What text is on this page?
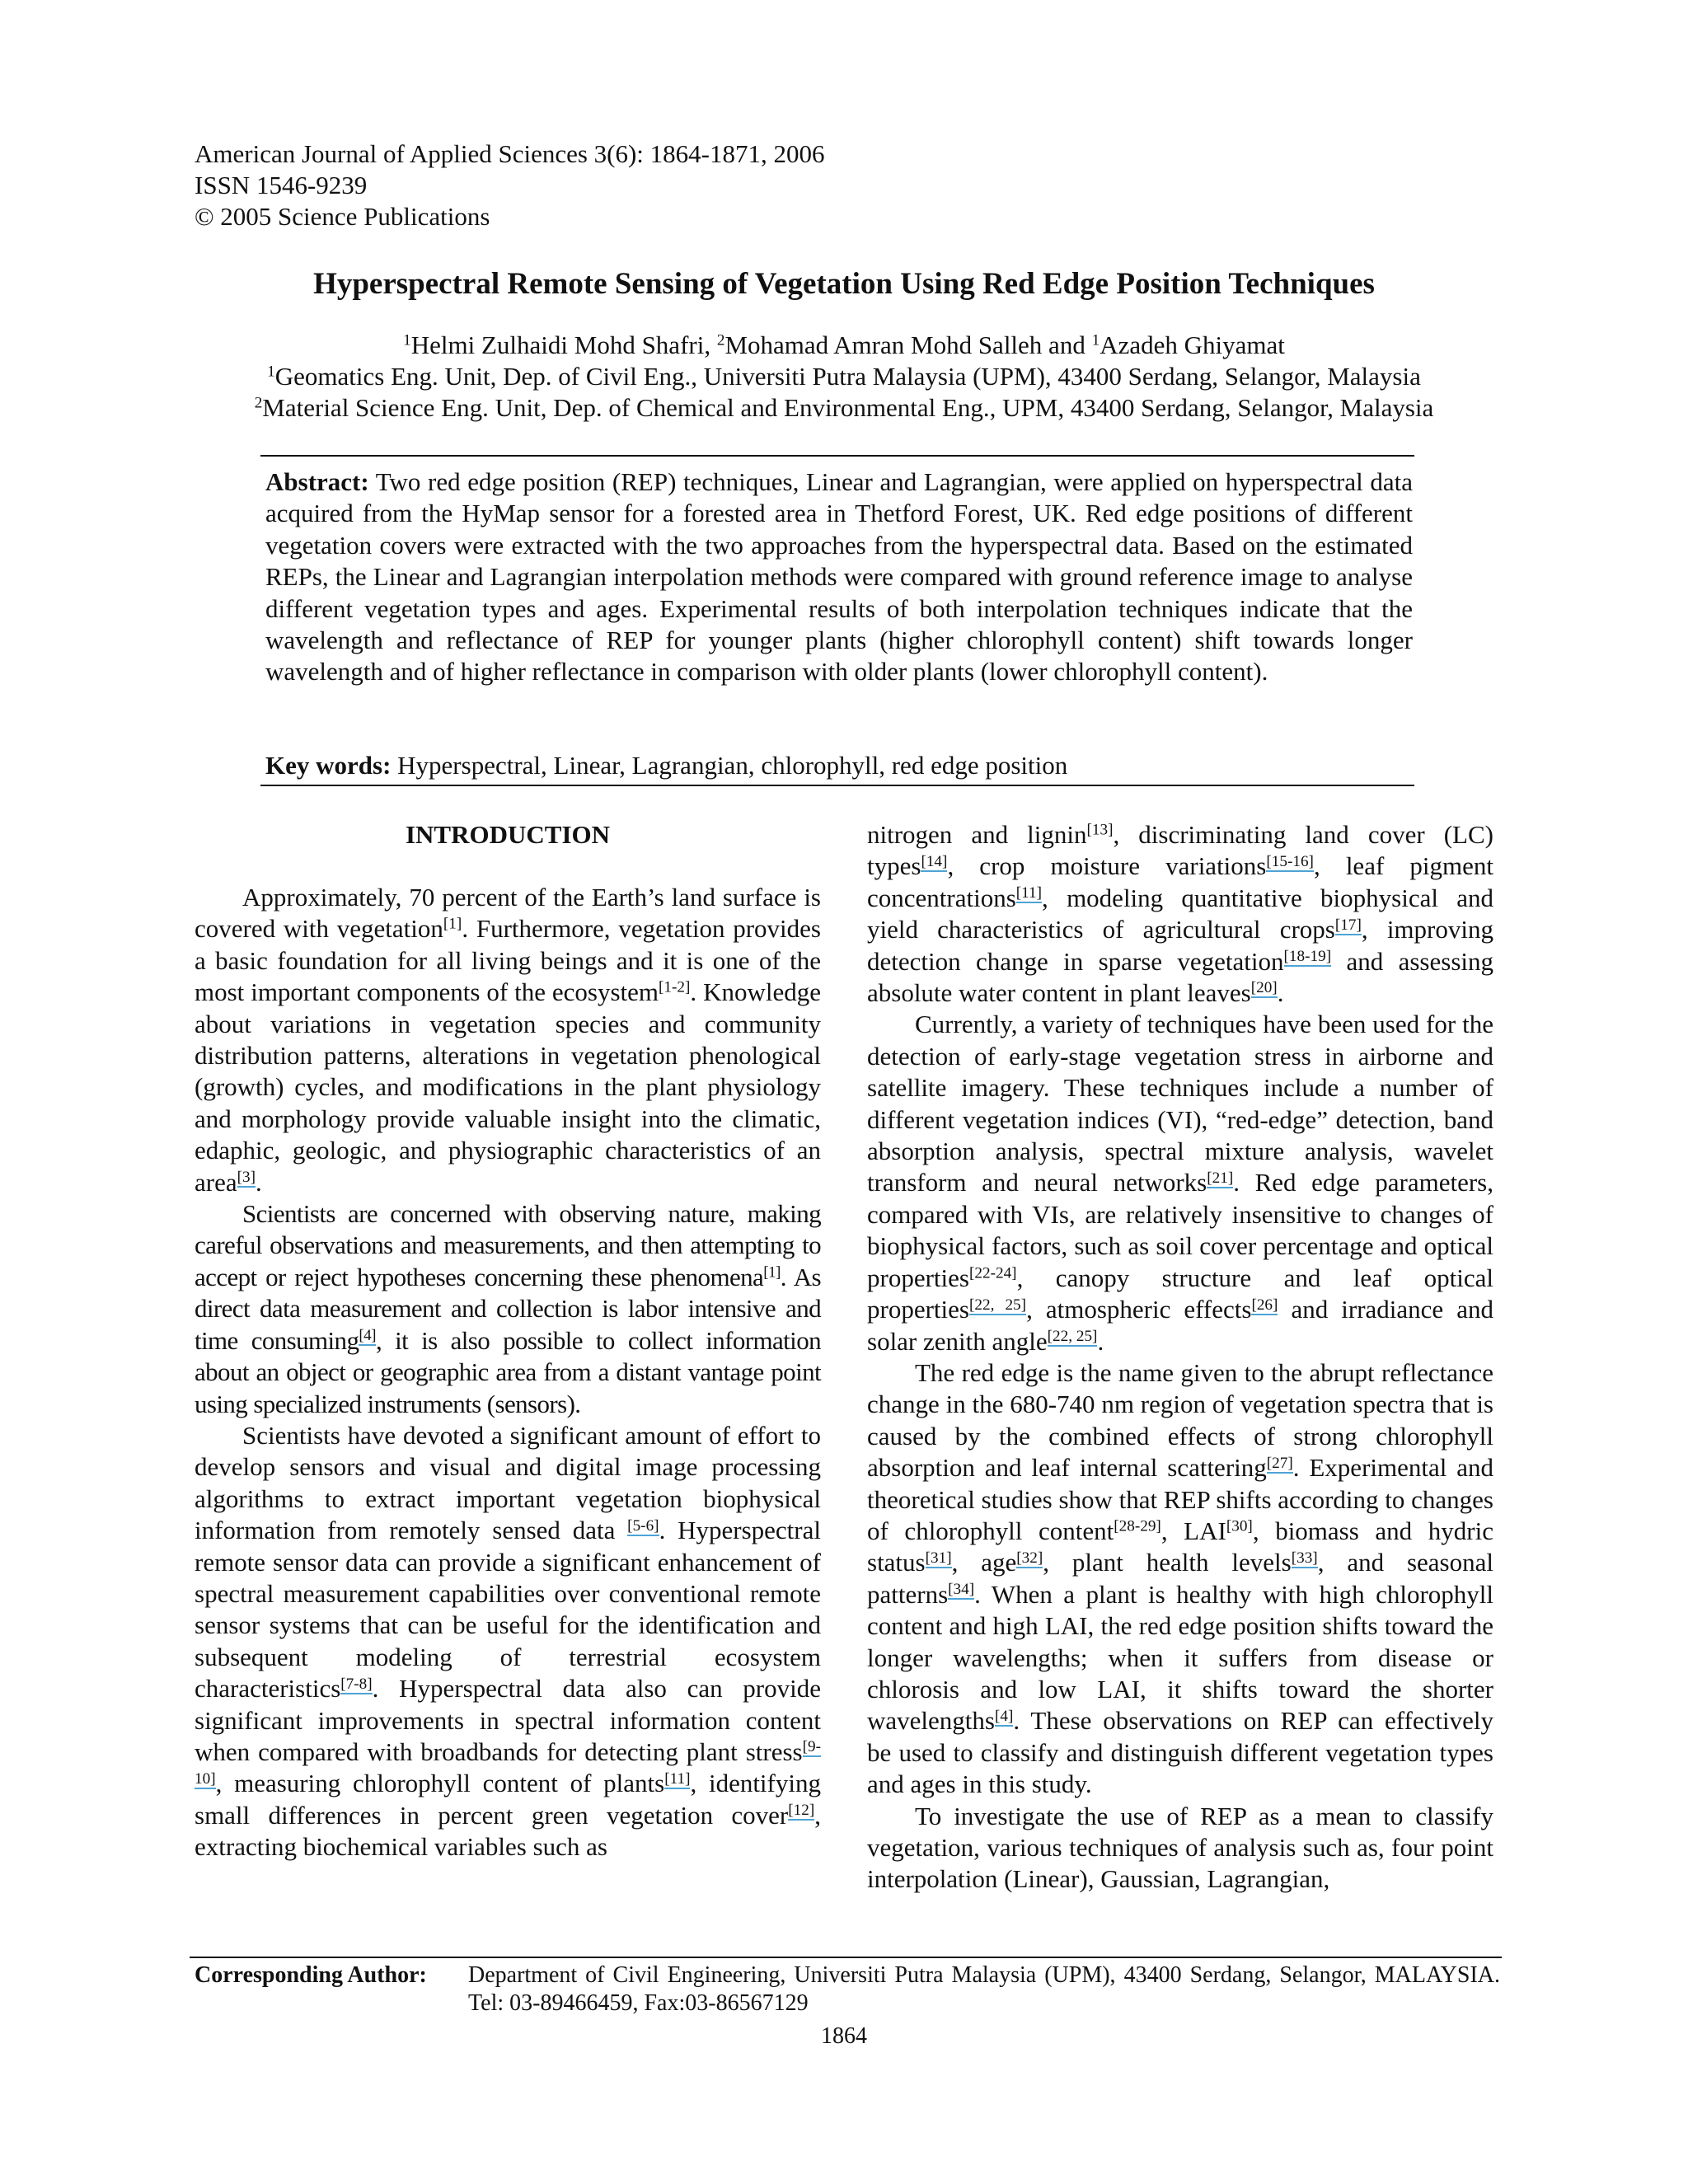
American Journal of Applied Sciences 3(6): 1864-1871, 2006
ISSN 1546-9239
© 2005 Science Publications
Hyperspectral Remote Sensing of Vegetation Using Red Edge Position Techniques
$^1$Helmi Zulhaidi Mohd Shafri, $^2$Mohamad Amran Mohd Salleh and $^1$Azadeh Ghiyamat
$^1$Geomatics Eng. Unit, Dep. of Civil Eng., Universiti Putra Malaysia (UPM), 43400 Serdang, Selangor, Malaysia
$^2$Material Science Eng. Unit, Dep. of Chemical and Environmental Eng., UPM, 43400 Serdang, Selangor, Malaysia
Abstract: Two red edge position (REP) techniques, Linear and Lagrangian, were applied on hyperspectral data acquired from the HyMap sensor for a forested area in Thetford Forest, UK. Red edge positions of different vegetation covers were extracted with the two approaches from the hyperspectral data. Based on the estimated REPs, the Linear and Lagrangian interpolation methods were compared with ground reference image to analyse different vegetation types and ages. Experimental results of both interpolation techniques indicate that the wavelength and reflectance of REP for younger plants (higher chlorophyll content) shift towards longer wavelength and of higher reflectance in comparison with older plants (lower chlorophyll content).
Key words: Hyperspectral, Linear, Lagrangian, chlorophyll, red edge position
INTRODUCTION

Approximately, 70 percent of the Earth’s land surface is covered with vegetation[1]. Furthermore, vegetation provides a basic foundation for all living beings and it is one of the most important components of the ecosystem[1-2]. Knowledge about variations in vegetation species and community distribution patterns, alterations in vegetation phenological (growth) cycles, and modifications in the plant physiology and morphology provide valuable insight into the climatic, edaphic, geologic, and physiographic characteristics of an area[3].

Scientists are concerned with observing nature, making careful observations and measurements, and then attempting to accept or reject hypotheses concerning these phenomena[1]. As direct data measurement and collection is labor intensive and time consuming[4], it is also possible to collect information about an object or geographic area from a distant vantage point using specialized instruments (sensors).

Scientists have devoted a significant amount of effort to develop sensors and visual and digital image processing algorithms to extract important vegetation biophysical information from remotely sensed data [5-6]. Hyperspectral remote sensor data can provide a significant enhancement of spectral measurement capabilities over conventional remote sensor systems that can be useful for the identification and subsequent modeling of terrestrial ecosystem characteristics[7-8]. Hyperspectral data also can provide significant improvements in spectral information content when compared with broadbands for detecting plant stress[9-10], measuring chlorophyll content of plants[11], identifying small differences in percent green vegetation cover[12], extracting biochemical variables such as

nitrogen and lignin[13], discriminating land cover (LC) types[14], crop moisture variations[15-16], leaf pigment concentrations[11], modeling quantitative biophysical and yield characteristics of agricultural crops[17], improving detection change in sparse vegetation[18-19] and assessing absolute water content in plant leaves[20].

Currently, a variety of techniques have been used for the detection of early-stage vegetation stress in airborne and satellite imagery. These techniques include a number of different vegetation indices (VI), “red-edge” detection, band absorption analysis, spectral mixture analysis, wavelet transform and neural networks[21]. Red edge parameters, compared with VIs, are relatively insensitive to changes of biophysical factors, such as soil cover percentage and optical properties[22-24], canopy structure and leaf optical properties[22, 25], atmospheric effects[26] and irradiance and solar zenith angle[22, 25].

The red edge is the name given to the abrupt reflectance change in the 680-740 nm region of vegetation spectra that is caused by the combined effects of strong chlorophyll absorption and leaf internal scattering[27]. Experimental and theoretical studies show that REP shifts according to changes of chlorophyll content[28-29], LAI[30], biomass and hydric status[31], age[32], plant health levels[33], and seasonal patterns[34]. When a plant is healthy with high chlorophyll content and high LAI, the red edge position shifts toward the longer wavelengths; when it suffers from disease or chlorosis and low LAI, it shifts toward the shorter wavelengths[4]. These observations on REP can effectively be used to classify and distinguish different vegetation types and ages in this study.

To investigate the use of REP as a mean to classify vegetation, various techniques of analysis such as, four point interpolation (Linear), Gaussian, Lagrangian,

Corresponding Author: Department of Civil Engineering, Universiti Putra Malaysia (UPM), 43400 Serdang, Selangor, MALAYSIA. Tel: 03-89466459, Fax:03-86567129
1864
